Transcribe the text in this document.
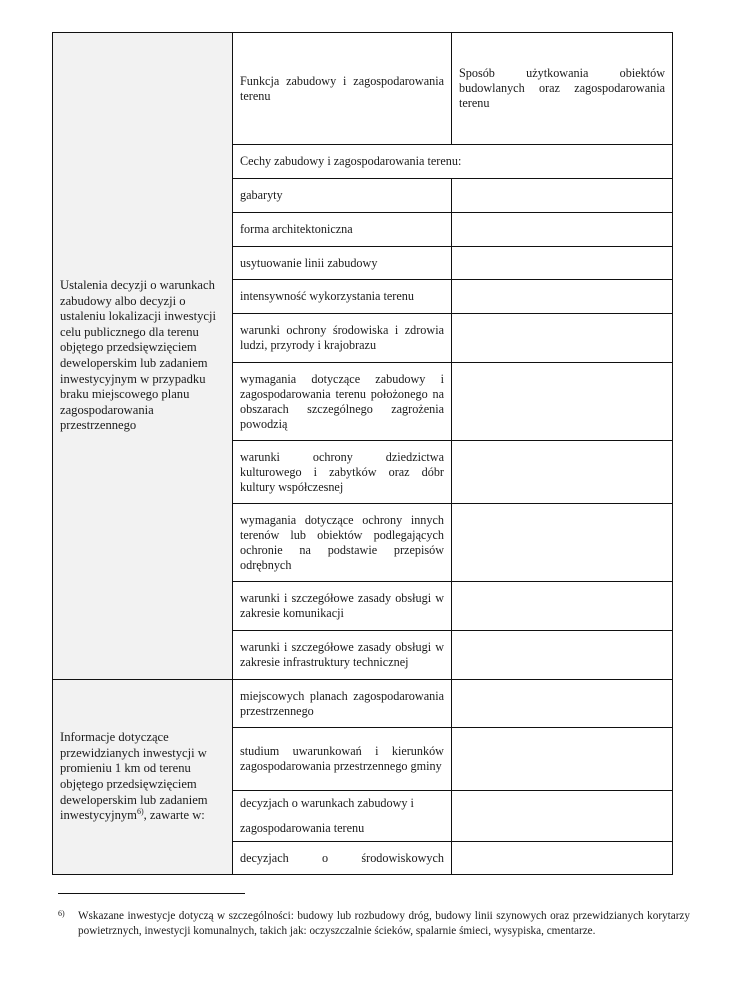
Ustalenia decyzji o warunkach zabudowy albo decyzji o ustaleniu lokalizacji inwestycji celu publicznego dla terenu objętego przedsięwzięciem deweloperskim lub zadaniem inwestycyjnym w przypadku braku miejscowego planu zagospodarowania przestrzennego	Funkcja zabudowy i zagospodarowania terenu	Sposób użytkowania obiektów budowlanych oraz zagospodarowania terenu
	Cechy zabudowy i zagospodarowania terenu:	
	gabaryty	
	forma architektoniczna	
	usytuowanie linii zabudowy	
	intensywność wykorzystania terenu	
	warunki ochrony środowiska i zdrowia ludzi, przyrody i krajobrazu	
	wymagania dotyczące zabudowy i zagospodarowania terenu położonego na obszarach szczególnego zagrożenia powodzią	
	warunki ochrony dziedzictwa kulturowego i zabytków oraz dóbr kultury współczesnej	
	wymagania dotyczące ochrony innych terenów lub obiektów podlegających ochronie na podstawie przepisów odrębnych	
	warunki i szczegółowe zasady obsługi w zakresie komunikacji	
	warunki i szczegółowe zasady obsługi w zakresie infrastruktury technicznej	

Informacje dotyczące przewidzianych inwestycji w promieniu 1 km od terenu objętego przedsięwzięciem deweloperskim lub zadaniem inwestycyjnym$^{6)}$, zawarte w:	miejscowych planach zagospodarowania przestrzennego	
	studium uwarunkowań i kierunków zagospodarowania przestrzennego gminy	

	decyzjach o warunkach zabudowy i
zagospodarowania terenu	

	decyzjach o środowiskowych	
6) Wskazane inwestycje dotyczą w szczególności: budowy lub rozbudowy dróg, budowy linii szynowych oraz przewidzianych korytarzy powietrznych, inwestycji komunalnych, takich jak: oczyszczalnie ścieków, spalarnie śmieci, wysypiska, cmentarze.
